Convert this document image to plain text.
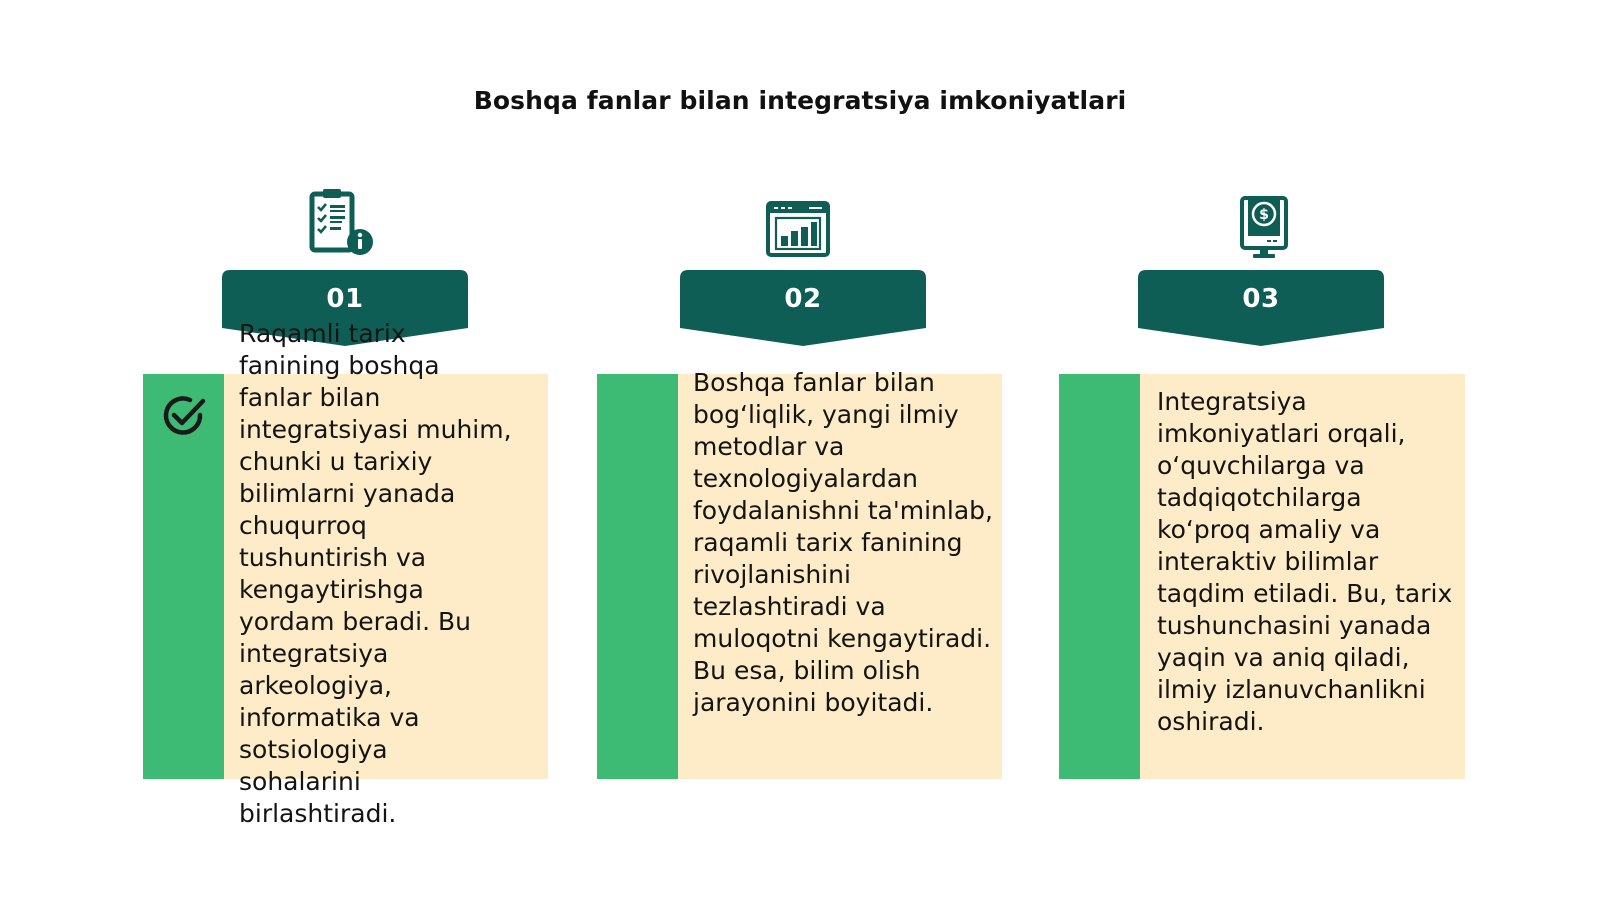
Boshqa fanlar bilan integratsiya imkoniyatlari
01
Raqamli tarix fanining boshqa fanlar bilan integratsiyasi muhim, chunki u tarixiy bilimlarni yanada chuqurroq tushuntirish va kengaytirishga yordam beradi. Bu integratsiya arkeologiya, informatika va sotsiologiya sohalarini birlashtiradi.
02
Boshqa fanlar bilan bog‘liqlik, yangi ilmiy metodlar va texnologiyalardan foydalanishni ta'minlab, raqamli tarix fanining rivojlanishini tezlashtiradi va muloqotni kengaytiradi. Bu esa, bilim olish jarayonini boyitadi.
$
03
Integratsiya imkoniyatlari orqali, o‘quvchilarga va tadqiqotchilarga ko‘proq amaliy va interaktiv bilimlar taqdim etiladi. Bu, tarix tushunchasini yanada yaqin va aniq qiladi, ilmiy izlanuvchanlikni oshiradi.
